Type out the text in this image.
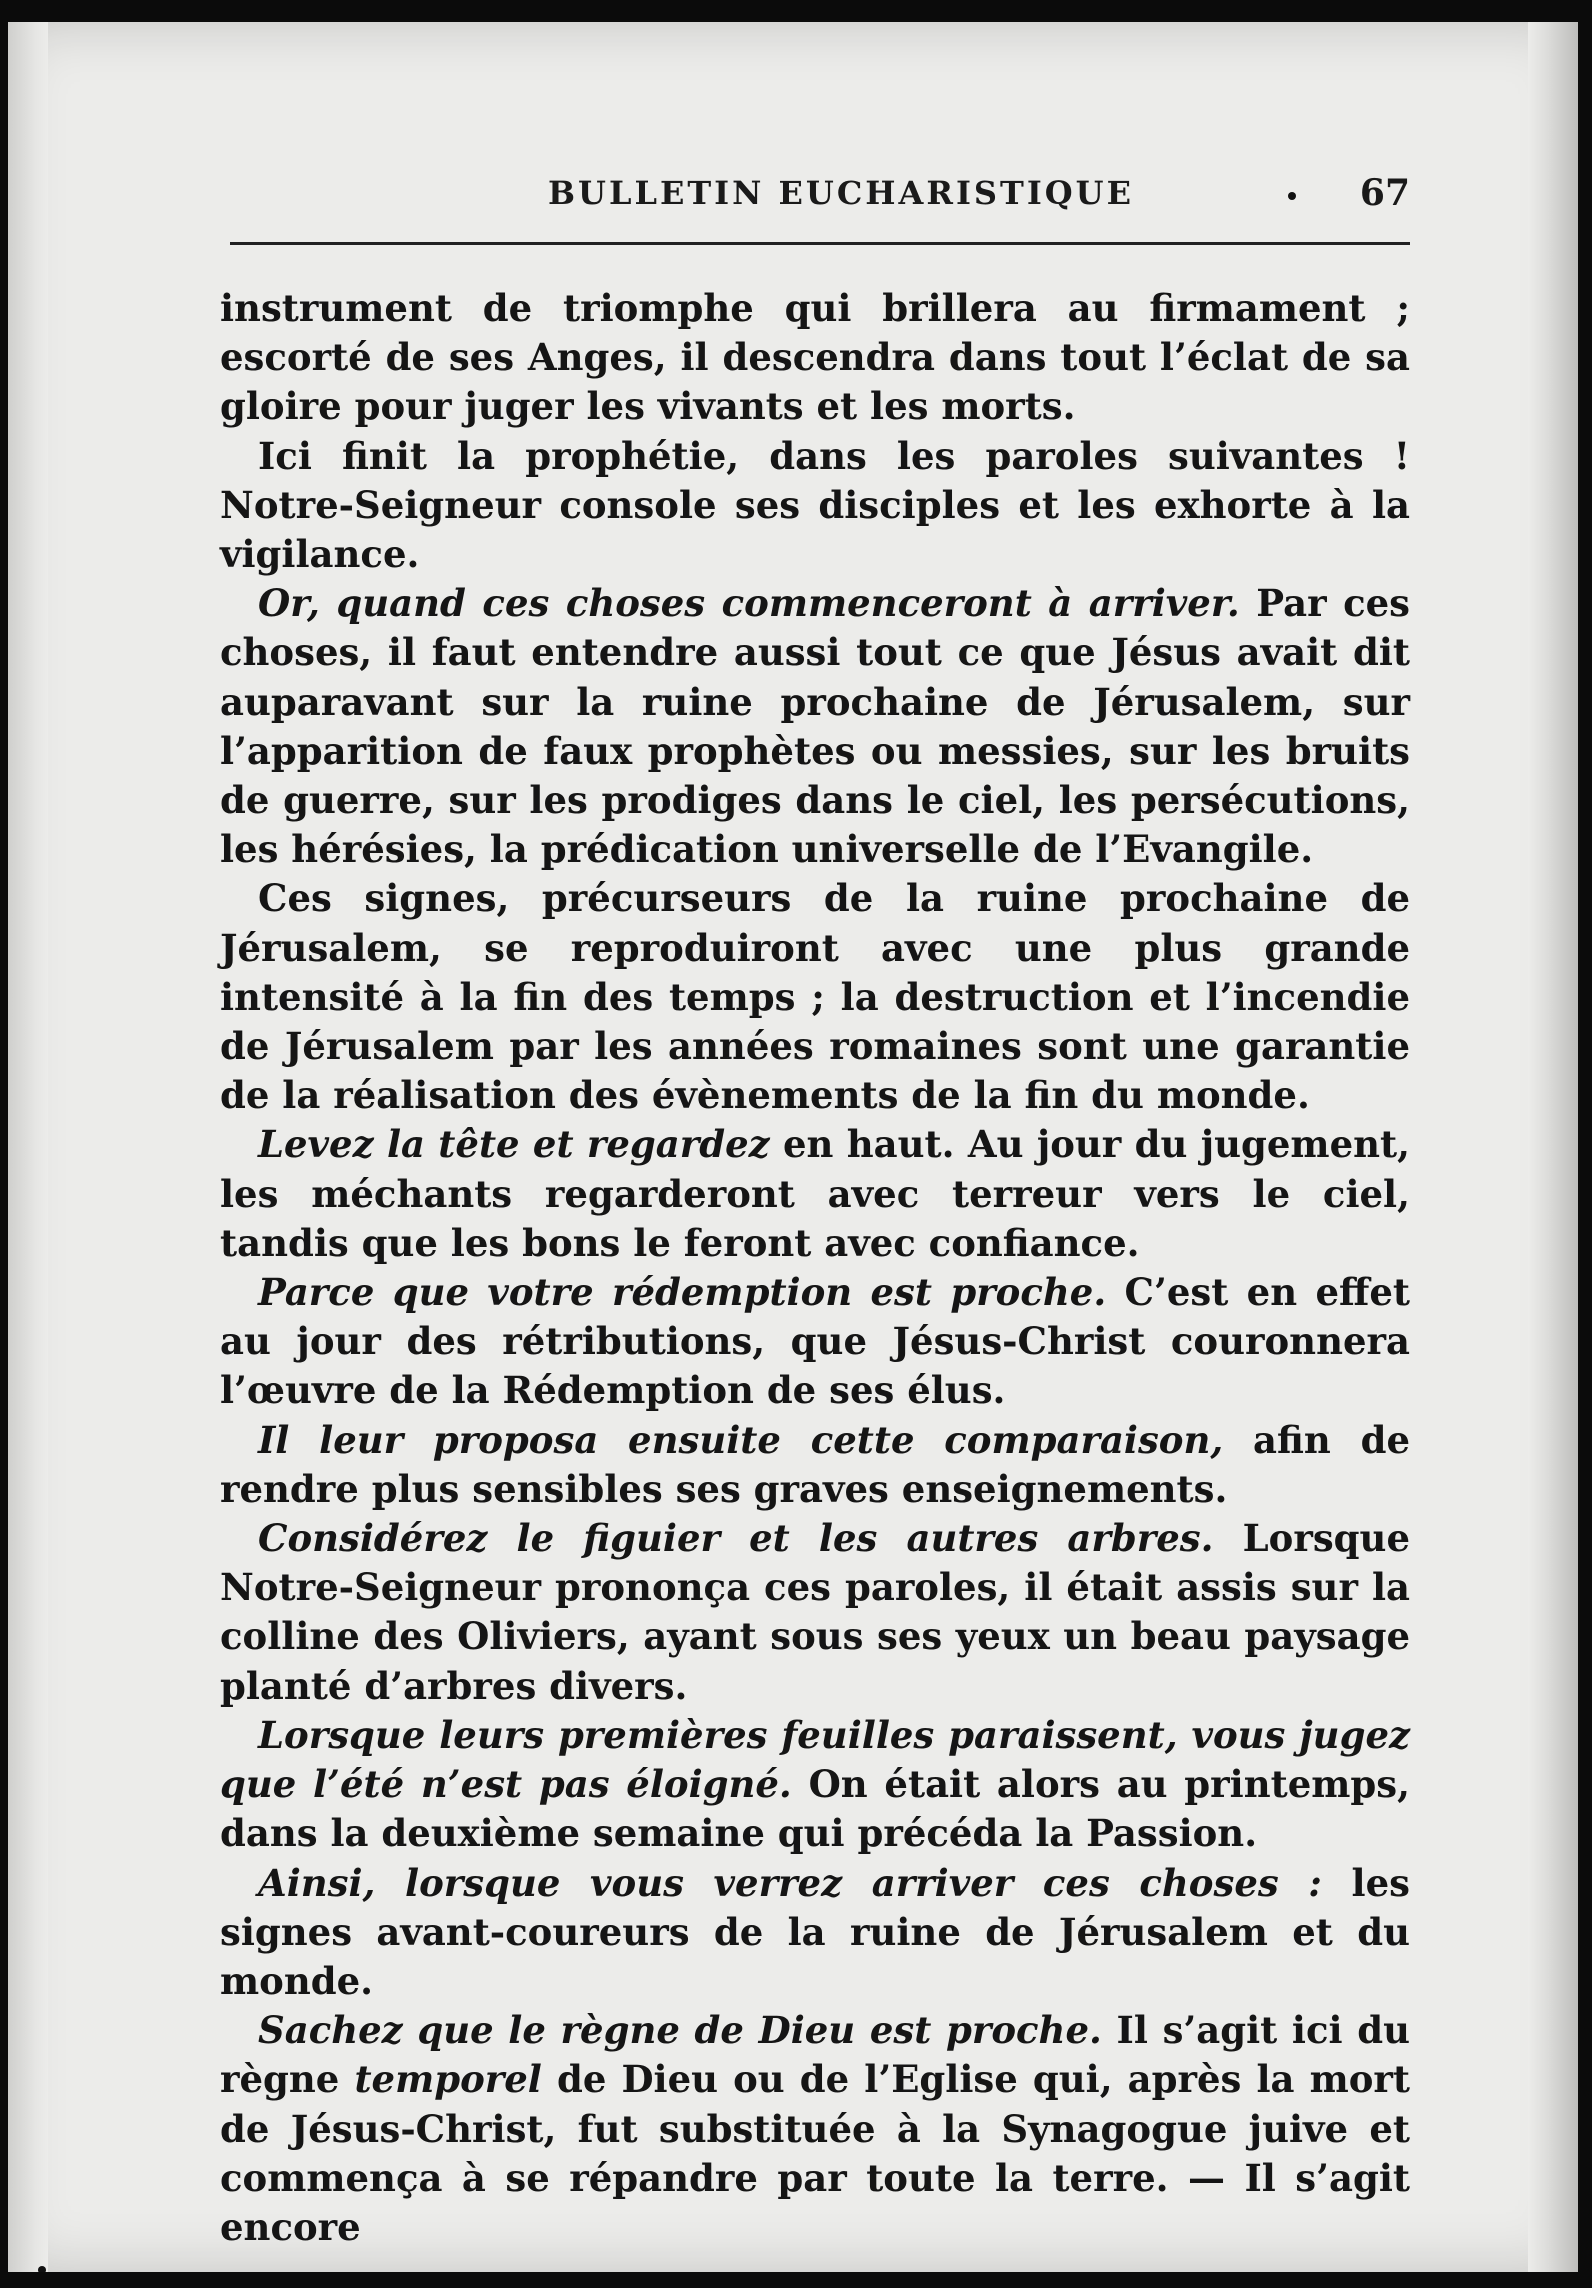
BULLETIN EUCHARISTIQUE	67

instrument de triomphe qui brillera au firmament ; escorté de ses Anges, il descendra dans tout l’éclat de sa gloire pour juger les vivants et les morts.

Ici finit la prophétie, dans les paroles suivantes ! Notre-Seigneur console ses disciples et les exhorte à la vigilance.

Or, quand ces choses commenceront à arriver. Par ces choses, il faut entendre aussi tout ce que Jésus avait dit auparavant sur la ruine prochaine de Jérusalem, sur l’apparition de faux prophètes ou messies, sur les bruits de guerre, sur les prodiges dans le ciel, les persécutions, les hérésies, la prédication universelle de l’Evangile.

Ces signes, précurseurs de la ruine prochaine de Jérusalem, se reproduiront avec une plus grande intensité à la fin des temps ; la destruction et l’incendie de Jérusalem par les années romaines sont une garantie de la réalisation des évènements de la fin du monde.

Levez la tête et regardez en haut. Au jour du jugement, les méchants regarderont avec terreur vers le ciel, tandis que les bons le feront avec confiance.

Parce que votre rédemption est proche. C’est en effet au jour des rétributions, que Jésus-Christ couronnera l’œuvre de la Rédemption de ses élus.

Il leur proposa ensuite cette comparaison, afin de rendre plus sensibles ses graves enseignements.

Considérez le figuier et les autres arbres. Lorsque Notre-Seigneur prononça ces paroles, il était assis sur la colline des Oliviers, ayant sous ses yeux un beau paysage planté d’arbres divers.

Lorsque leurs premières feuilles paraissent, vous jugez que l’été n’est pas éloigné. On était alors au printemps, dans la deuxième semaine qui précéda la Passion.

Ainsi, lorsque vous verrez arriver ces choses : les signes avant-coureurs de la ruine de Jérusalem et du monde.

Sachez que le règne de Dieu est proche. Il s’agit ici du règne temporel de Dieu ou de l’Eglise qui, après la mort de Jésus-Christ, fut substituée à la Synagogue juive et commença à se répandre par toute la terre. — Il s’agit encore
